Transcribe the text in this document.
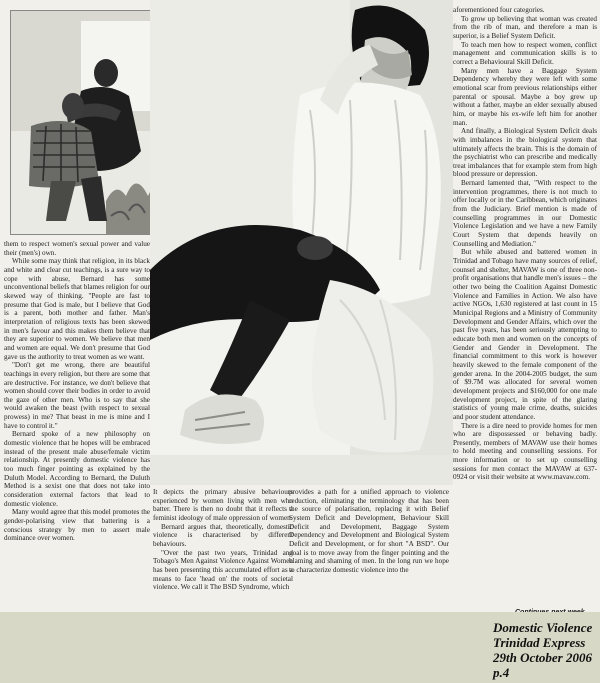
them to respect women's sexual power and value their (men's) own.

While some may think that religion, in its black and white and clear cut teachings, is a sure way to cope with abuse, Bernard has some unconventional beliefs that blames religion for our skewed way of thinking. "People are fast to presume that God is male, but I believe that God is a parent, both mother and father. Man's interpretation of religious texts has been skewed in men's favour and this makes them believe that they are superior to women. We believe that men and women are equal. We don't presume that God gave us the authority to treat women as we want.

"Don't get me wrong, there are beautiful teachings in every religion, but there are some that are destructive. For instance, we don't believe that women should cover their bodies in order to avoid the gaze of other men. Who is to say that she would awaken the beast (with respect to sexual prowess) in me? That beast in me is mine and I have to control it."

Bernard spoke of a new philosophy on domestic violence that he hopes will be embraced instead of the present male abuse/female victim relationship. At presently domestic violence has too much finger pointing as explained by the Duluth Model. According to Bernard, the Duluth Method is a sexist one that does not take into consideration external factors that lead to domestic violence.

Many would agree that this model promotes the gender-polarising view that battering is a conscious strategy by men to assert male dominance over women.

It depicts the primary abusive behaviours experienced by women living with men who batter. There is then no doubt that it reflects a feminist ideology of male oppression of women.

Bernard argues that, theoretically, domestic violence is characterised by different behaviours.

"Over the past two years, Trinidad and Tobago's Men Against Violence Against Women has been presenting this accumulated effort as a means to face 'head on' the roots of societal violence. We call it The BSD Syndrome, which

provides a path for a unified approach to violence reduction, eliminating the terminology that has been the source of polarisation, replacing it with Belief System Deficit and Development, Behaviour Skill Deficit and Development, Baggage System Dependency and Development and Biological System Deficit and Development, or for short "A BSD". Our goal is to move away from the finger pointing and the blaming and shaming of men. In the long run we hope to characterize domestic violence into the

aforementioned four categories.

To grow up believing that woman was created from the rib of man, and therefore a man is superior, is a Belief System Deficit.

To teach men how to respect women, conflict management and communication skills is to correct a Behavioural Skill Deficit.

Many men have a Baggage System Dependency whereby they were left with some emotional scar from previous relationships either parental or spousal. Maybe a boy grew up without a father, maybe an elder sexually abused him, or maybe his ex-wife left him for another man.

And finally, a Biological System Deficit deals with imbalances in the biological system that ultimately affects the brain. This is the domain of the psychiatrist who can prescribe and medically treat imbalances that for example stem from high blood pressure or depression.

Bernard lamented that, "With respect to the intervention programmes, there is not much to offer locally or in the Caribbean, which originates from the Judiciary. Brief mention is made of counselling programmes in our Domestic Violence Legislation and we have a new Family Court System that depends heavily on Counselling and Mediation."

But while abused and battered women in Trinidad and Tobago have many sources of relief, counsel and shelter, MAVAW is one of three non-profit organisations that handle men's issues – the other two being the Coalition Against Domestic Violence and Families in Action. We also have active NGOs, 1,630 registered at last count in 15 Municipal Regions and a Ministry of Community Development and Gender Affairs, which over the past five years, has been seriously attempting to educate both men and women on the concepts of Gender and Gender in Development. The financial commitment to this work is however heavily skewed to the female component of the gender arena. In the 2004-2005 budget, the sum of $9.7M was allocated for several women development projects and $160,000 for one male development project, in spite of the glaring statistics of young male crime, deaths, suicides and poor student attendance.

There is a dire need to provide homes for men who are dispossessed or behaving badly. Presently, members of MAVAW use their homes to hold meeting and counselling sessions. For more information or to set up counselling sessions for men contact the MAVAW at 637-0924 or visit their website at www.mavaw.com.

Domestic Violence
Trinidad Express
29th October 2006
p.4
